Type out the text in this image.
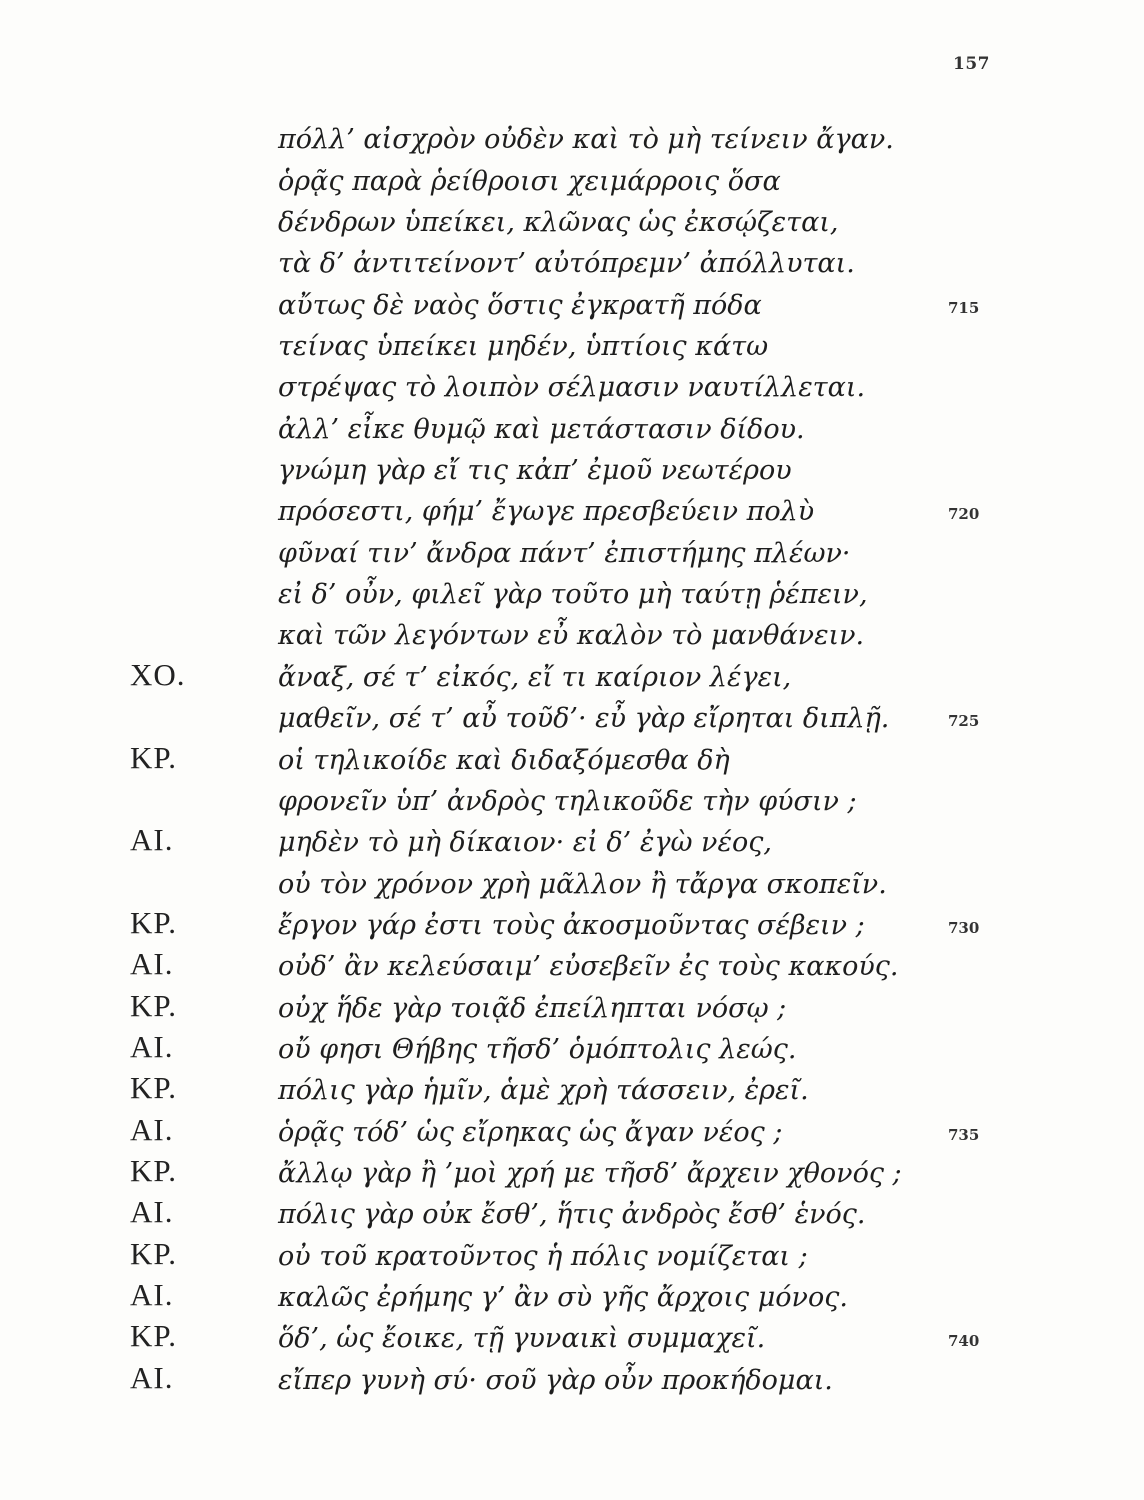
157
πόλλ’ αἰσχρὸν οὐδὲν καὶ τὸ μὴ τείνειν ἄγαν.
ὁρᾷς παρὰ ῥείθροισι χειμάρροις ὅσα
δένδρων ὑπείκει, κλῶνας ὡς ἐκσῴζεται,
τὰ δ’ ἀντιτείνοντ’ αὐτόπρεμν’ ἀπόλλυται.
αὔτως δὲ ναὸς ὅστις ἐγκρατῆ πόδα	715
τείνας ὑπείκει μηδέν, ὑπτίοις κάτω
στρέψας τὸ λοιπὸν σέλμασιν ναυτίλλεται.
ἀλλ’ εἶκε θυμῷ καὶ μετάστασιν δίδου.
γνώμη γὰρ εἴ τις κἀπ’ ἐμοῦ νεωτέρου
πρόσεστι, φήμ’ ἔγωγε πρεσβεύειν πολὺ	720
φῦναί τιν’ ἄνδρα πάντ’ ἐπιστήμης πλέων·
εἰ δ’ οὖν, φιλεῖ γὰρ τοῦτο μὴ ταύτῃ ῥέπειν,
καὶ τῶν λεγόντων εὖ καλὸν τὸ μανθάνειν.
ΧΟ.	ἄναξ, σέ τ’ εἰκός, εἴ τι καίριον λέγει,
μαθεῖν, σέ τ’ αὖ τοῦδ’· εὖ γὰρ εἴρηται διπλῇ.	725
ΚΡ.	οἱ τηλικοίδε καὶ διδαξόμεσθα δὴ
φρονεῖν ὑπ’ ἀνδρὸς τηλικοῦδε τὴν φύσιν ;
ΑΙ.	μηδὲν τὸ μὴ δίκαιον· εἰ δ’ ἐγὼ νέος,
οὐ τὸν χρόνον χρὴ μᾶλλον ἢ τἄργα σκοπεῖν.
ΚΡ.	ἔργον γάρ ἐστι τοὺς ἀκοσμοῦντας σέβειν ;	730
ΑΙ.	οὐδ’ ἂν κελεύσαιμ’ εὐσεβεῖν ἐς τοὺς κακούς.
ΚΡ.	οὐχ ἥδε γὰρ τοιᾷδ ἐπείληπται νόσῳ ;
ΑΙ.	οὔ φησι Θήβης τῆσδ’ ὁμόπτολις λεώς.
ΚΡ.	πόλις γὰρ ἡμῖν, ἁμὲ χρὴ τάσσειν, ἐρεῖ.
ΑΙ.	ὁρᾷς τόδ’ ὡς εἴρηκας ὡς ἄγαν νέος ;	735
ΚΡ.	ἄλλῳ γὰρ ἢ ’μοὶ χρή με τῆσδ’ ἄρχειν χθονός ;
ΑΙ.	πόλις γὰρ οὐκ ἔσθ’, ἥτις ἀνδρὸς ἔσθ’ ἑνός.
ΚΡ.	οὐ τοῦ κρατοῦντος ἡ πόλις νομίζεται ;
ΑΙ.	καλῶς ἐρήμης γ’ ἂν σὺ γῆς ἄρχοις μόνος.
ΚΡ.	ὅδ’, ὡς ἔοικε, τῇ γυναικὶ συμμαχεῖ.	740
ΑΙ.	εἴπερ γυνὴ σύ· σοῦ γὰρ οὖν προκήδομαι.
